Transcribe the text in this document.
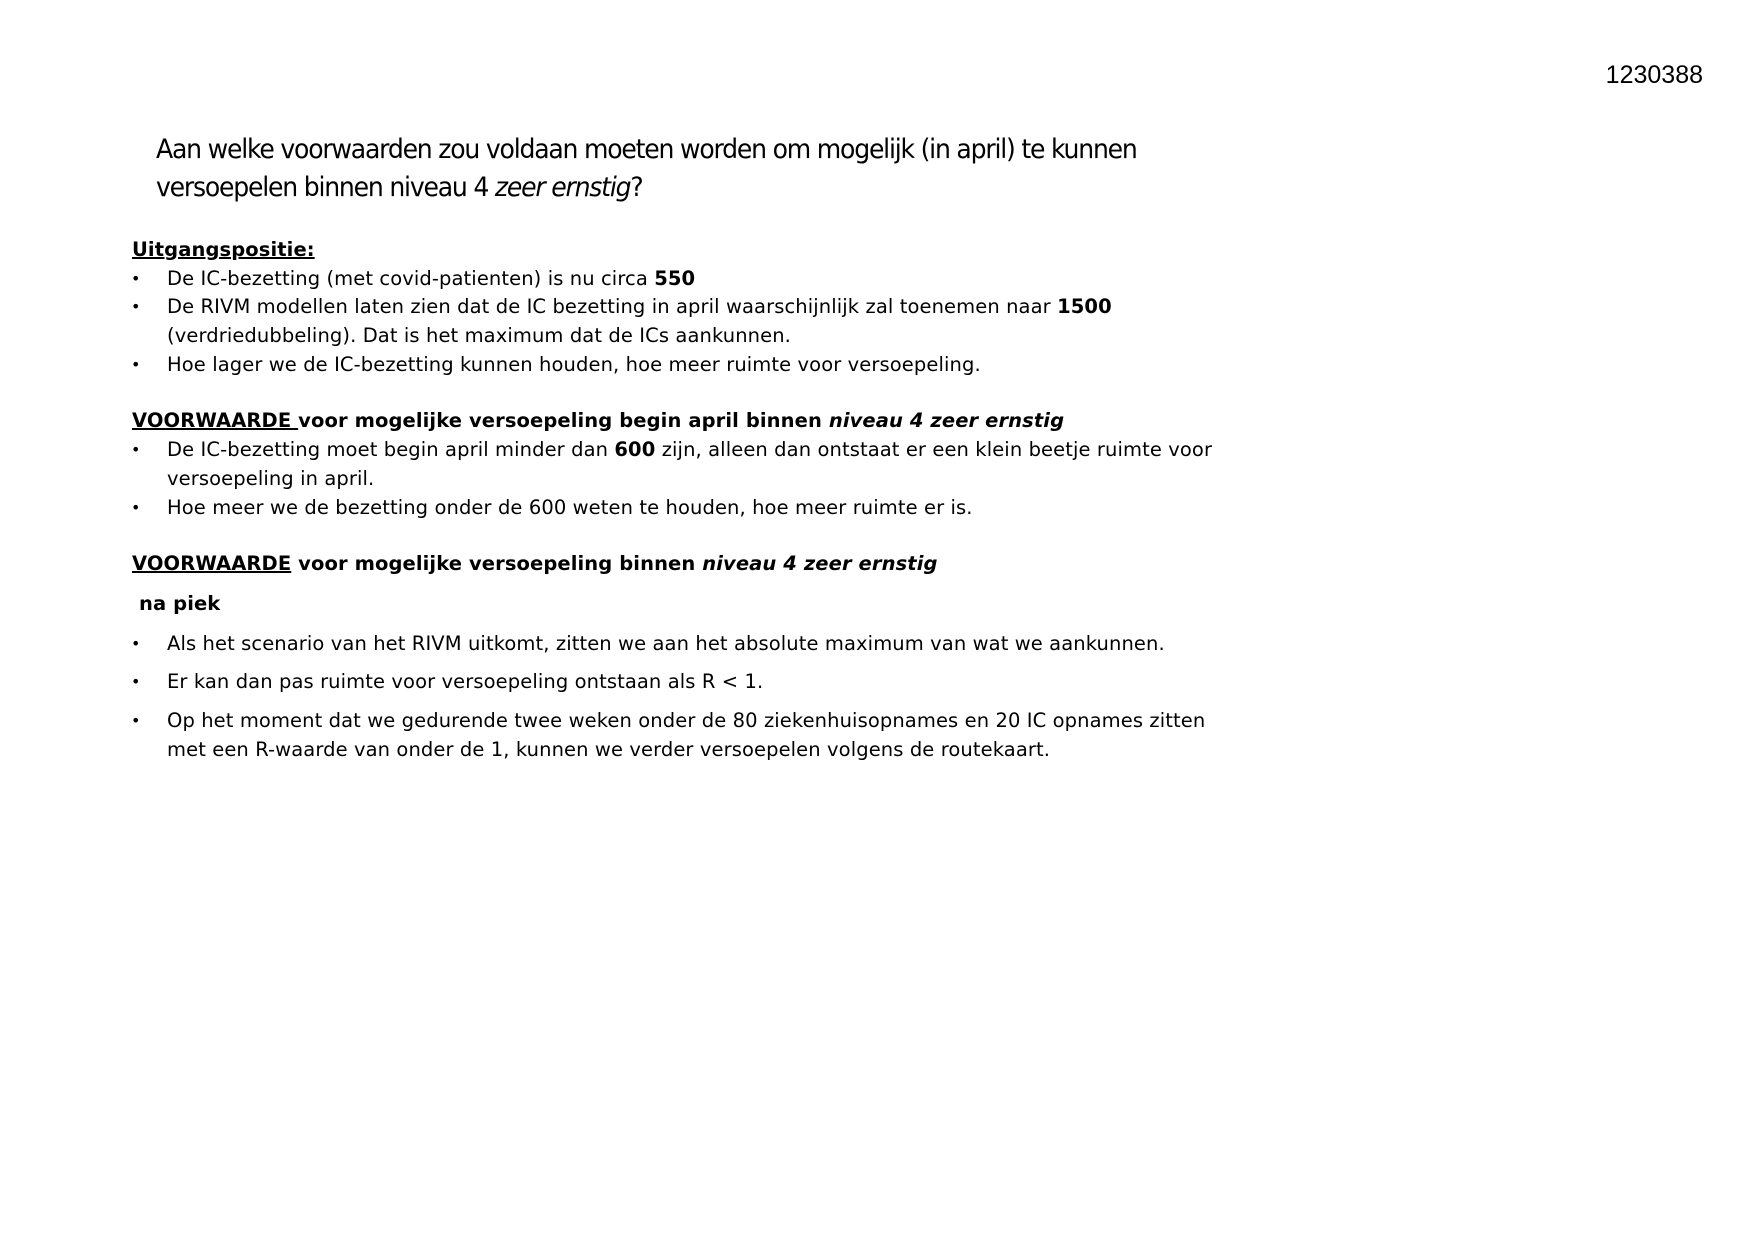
1230388
Aan welke voorwaarden zou voldaan moeten worden om mogelijk (in april) te kunnen
versoepelen binnen niveau 4 zeer ernstig?
Uitgangspositie:
• De IC-bezetting (met covid-patienten) is nu circa 550
• De RIVM modellen laten zien dat de IC bezetting in april waarschijnlijk zal toenemen naar 1500
(verdriedubbeling). Dat is het maximum dat de ICs aankunnen.
• Hoe lager we de IC-bezetting kunnen houden, hoe meer ruimte voor versoepeling.
VOORWAARDE voor mogelijke versoepeling begin april binnen niveau 4 zeer ernstig
• De IC-bezetting moet begin april minder dan 600 zijn, alleen dan ontstaat er een klein beetje ruimte voor
versoepeling in april.
• Hoe meer we de bezetting onder de 600 weten te houden, hoe meer ruimte er is.
VOORWAARDE voor mogelijke versoepeling binnen niveau 4 zeer ernstig
na piek
• Als het scenario van het RIVM uitkomt, zitten we aan het absolute maximum van wat we aankunnen.
• Er kan dan pas ruimte voor versoepeling ontstaan als R < 1.
• Op het moment dat we gedurende twee weken onder de 80 ziekenhuisopnames en 20 IC opnames zitten
met een R-waarde van onder de 1, kunnen we verder versoepelen volgens de routekaart.
